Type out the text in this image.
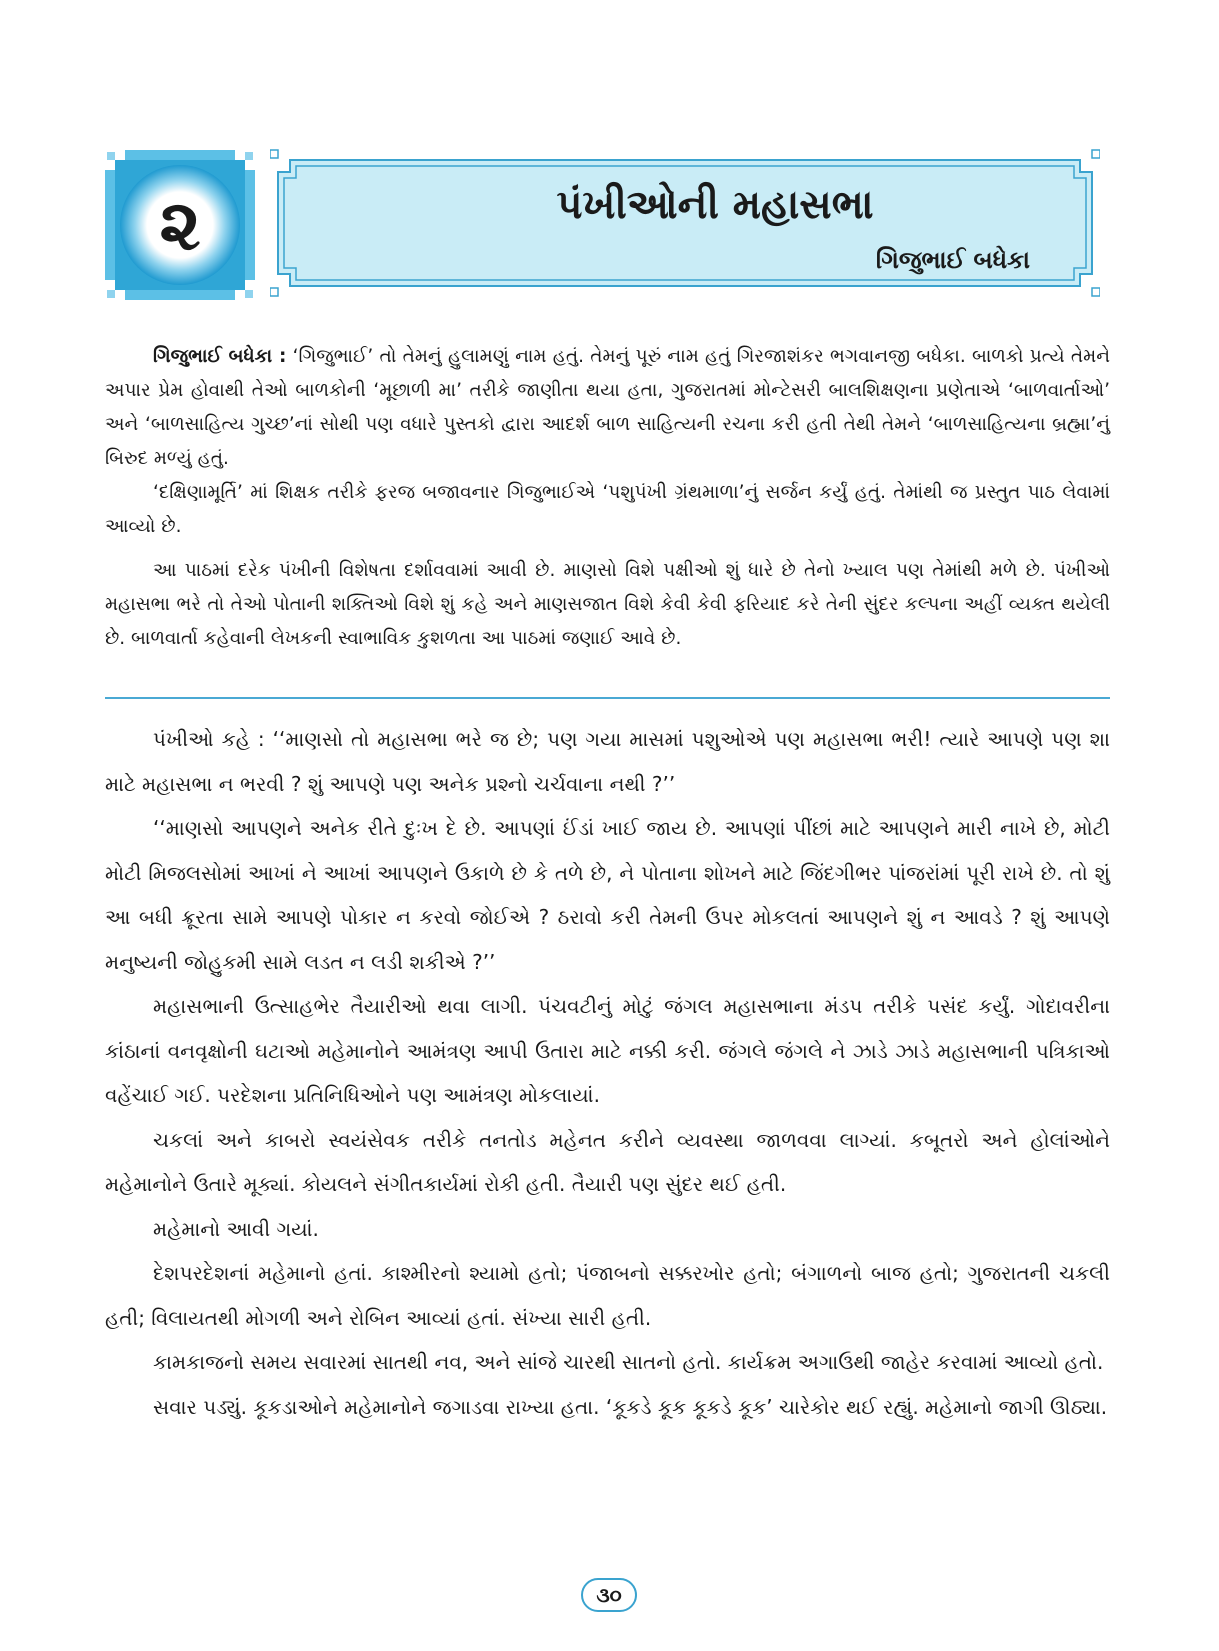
૨	પંખીઓની મહાસભા
ગિજુભાઈ બધેકા

ગિજુભાઈ બધેકા : ‘ગિજુભાઈ’ તો તેમનું હુલામણું નામ હતું. તેમનું પૂરું નામ હતું ગિરજાશંકર ભગવાનજી બધેકા. બાળકો પ્રત્યે તેમને અપાર પ્રેમ હોવાથી તેઓ બાળકોની ‘મૂછાળી મા’ તરીકે જાણીતા થયા હતા, ગુજરાતમાં મોન્ટેસરી બાલશિક્ષણના પ્રણેતાએ ‘બાળવાર્તાઓ’ અને ‘બાળસાહિત્ય ગુચ્છ’નાં સોથી પણ વધારે પુસ્તકો દ્વારા આદર્શ બાળ સાહિત્યની રચના કરી હતી તેથી તેમને ‘બાળસાહિત્યના બ્રહ્મા’નું બિરુદ મળ્યું હતું.

‘દક્ષિણામૂર્તિ’ માં શિક્ષક તરીકે ફરજ બજાવનાર ગિજુભાઈએ ‘પશુપંખી ગ્રંથમાળા’નું સર્જન કર્યું હતું. તેમાંથી જ પ્રસ્તુત પાઠ લેવામાં આવ્યો છે.

આ પાઠમાં દરેક પંખીની વિશેષતા દર્શાવવામાં આવી છે. માણસો વિશે પક્ષીઓ શું ધારે છે તેનો ખ્યાલ પણ તેમાંથી મળે છે. પંખીઓ મહાસભા ભરે તો તેઓ પોતાની શક્તિઓ વિશે શું કહે અને માણસજાત વિશે કેવી કેવી ફરિયાદ કરે તેની સુંદર કલ્પના અહીં વ્યક્ત થયેલી છે. બાળવાર્તા કહેવાની લેખકની સ્વાભાવિક કુશળતા આ પાઠમાં જણાઈ આવે છે.

પંખીઓ કહે : ‘‘માણસો તો મહાસભા ભરે જ છે; પણ ગયા માસમાં પશુઓએ પણ મહાસભા ભરી! ત્યારે આપણે પણ શા માટે મહાસભા ન ભરવી ? શું આપણે પણ અનેક પ્રશ્નો ચર્ચવાના નથી ?’’

‘‘માણસો આપણને અનેક રીતે દુઃખ દે છે. આપણાં ઈંડાં ખાઈ જાય છે. આપણાં પીંછાં માટે આપણને મારી નાખે છે, મોટી મોટી મિજલસોમાં આખાં ને આખાં આપણને ઉકાળે છે કે તળે છે, ને પોતાના શોખને માટે જિંદગીભર પાંજરાંમાં પૂરી રાખે છે. તો શું આ બધી ક્રૂરતા સામે આપણે પોકાર ન કરવો જોઈએ ? ઠરાવો કરી તેમની ઉપર મોકલતાં આપણને શું ન આવડે ? શું આપણે મનુષ્યની જોહુકમી સામે લડત ન લડી શકીએ ?’’

મહાસભાની ઉત્સાહભેર તૈયારીઓ થવા લાગી. પંચવટીનું મોટું જંગલ મહાસભાના મંડપ તરીકે પસંદ કર્યું. ગોદાવરીના કાંઠાનાં વનવૃક્ષોની ઘટાઓ મહેમાનોને આમંત્રણ આપી ઉતારા માટે નક્કી કરી. જંગલે જંગલે ને ઝાડે ઝાડે મહાસભાની પત્રિકાઓ વહેંચાઈ ગઈ. પરદેશના પ્રતિનિધિઓને પણ આમંત્રણ મોકલાયાં.

ચકલાં અને કાબરો સ્વયંસેવક તરીકે તનતોડ મહેનત કરીને વ્યવસ્થા જાળવવા લાગ્યાં. કબૂતરો અને હોલાંઓને મહેમાનોને ઉતારે મૂક્યાં. કોયલને સંગીતકાર્યમાં રોકી હતી. તૈયારી પણ સુંદર થઈ હતી.

મહેમાનો આવી ગયાં.

દેશપરદેશનાં મહેમાનો હતાં. કાશ્મીરનો શ્યામો હતો; પંજાબનો સક્કરખોર હતો; બંગાળનો બાજ હતો; ગુજરાતની ચકલી હતી; વિલાયતથી મોગળી અને રોબિન આવ્યાં હતાં. સંખ્યા સારી હતી.

કામકાજનો સમય સવારમાં સાતથી નવ, અને સાંજે ચારથી સાતનો હતો. કાર્યક્રમ અગાઉથી જાહેર કરવામાં આવ્યો હતો.

સવાર પડ્યું. કૂકડાઓને મહેમાનોને જગાડવા રાખ્યા હતા. ‘કૂકડે કૂક કૂકડે કૂક’ ચારેકોર થઈ રહ્યું. મહેમાનો જાગી ઊઠ્યા.

૩૦
